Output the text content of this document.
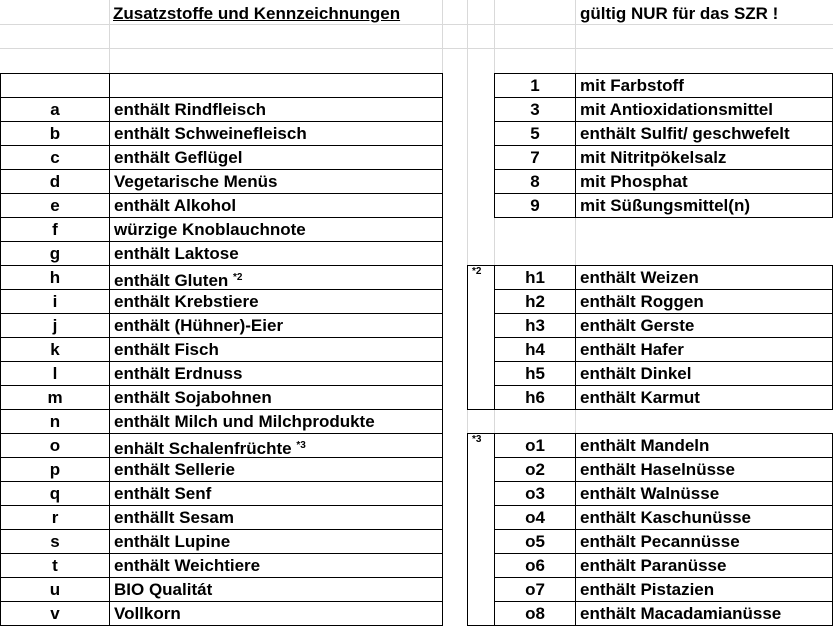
Zusatzstoffe und Kennzeichnungen	gültig NUR für das SZR !
a	enthält Rindfleisch
b	enthält Schweinefleisch
c	enthält Geflügel
d	Vegetarische Menüs
e	enthält Alkohol
f	würzige Knoblauchnote
g	enthält Laktose
h	enthält Gluten $^{*2}$
i	enthält Krebstiere
j	enthält (Hühner)-Eier
k	enthält Fisch
l	enthält Erdnuss
m	enthält Sojabohnen
n	enthält Milch und Milchprodukte
o	enhält Schalenfrüchte $^{*3}$
p	enthält Sellerie
q	enthält Senf
r	enthällt Sesam
s	enthält Lupine
t	enthält Weichtiere
u	BIO Qualitát
v	Vollkorn
1	mit Farbstoff
3	mit Antioxidationsmittel
5	enthält Sulfit/ geschwefelt
7	mit Nitritpökelsalz
8	mit Phosphat
9	mit Süßungsmittel(n)
*2	h1	enthält Weizen
h2	enthält Roggen
h3	enthält Gerste
h4	enthält Hafer
h5	enthält Dinkel
h6	enthält Karmut
*3	o1	enthält Mandeln
o2	enthält Haselnüsse
o3	enthält Walnüsse
o4	enthält Kaschunüsse
o5	enthält Pecannüsse
o6	enthält Paranüsse
o7	enthält Pistazien
o8	enthält Macadamianüsse
